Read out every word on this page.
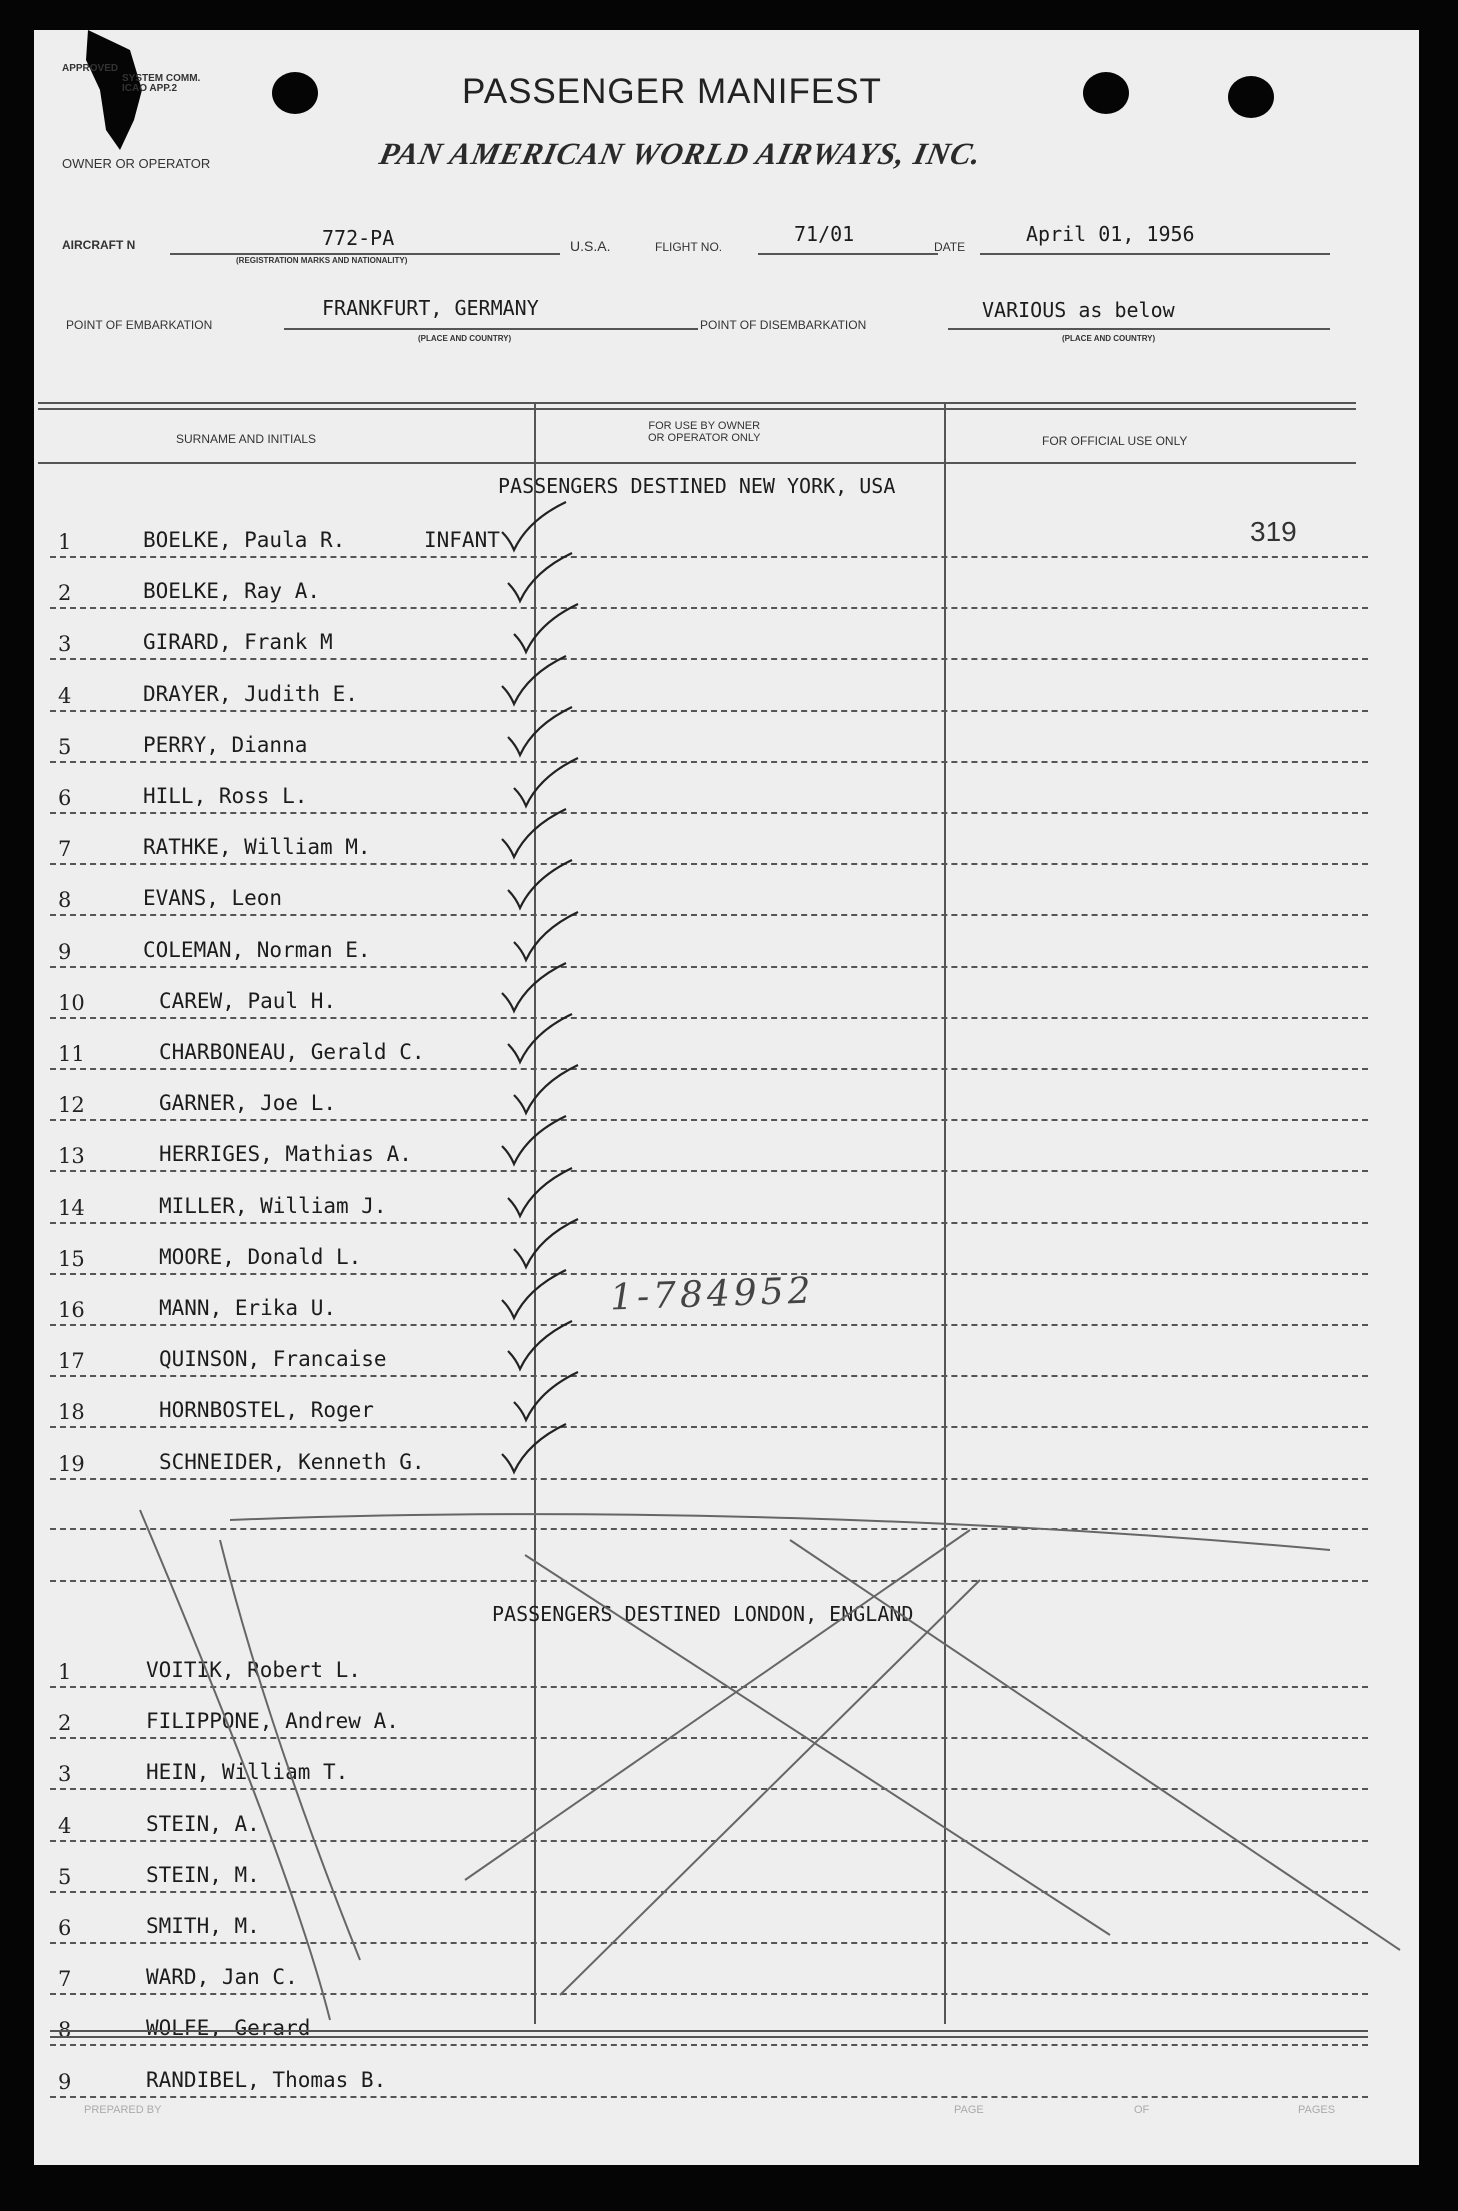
APPROVED
SYSTEM COMM.
ICAO APP.2
OWNER OR OPERATOR
PASSENGER MANIFEST
PAN AMERICAN WORLD AIRWAYS, INC.
AIRCRAFT N	772-PA
(REGISTRATION MARKS AND NATIONALITY)
U.S.A.	FLIGHT NO.
71/01
DATE
April 01, 1956
POINT OF EMBARKATION
FRANKFURT, GERMANY
(PLACE AND COUNTRY)
POINT OF DISEMBARKATION
VARIOUS as below
(PLACE AND COUNTRY)
SURNAME AND INITIALS
FOR USE BY OWNER
OR OPERATOR ONLY	FOR OFFICIAL USE ONLY
PASSENGERS DESTINED NEW YORK, USA
319
1	BOELKE, Paula R.	INFANT
2	BOELKE, Ray A.
3	GIRARD, Frank M
4	DRAYER, Judith E.
5	PERRY, Dianna
6	HILL, Ross L.
7	RATHKE, William M.
8	EVANS, Leon
9	COLEMAN, Norman E.
10	CAREW, Paul H.
11	CHARBONEAU, Gerald C.
12	GARNER, Joe L.
13	HERRIGES, Mathias A.
14	MILLER, William J.
15	MOORE, Donald L.
16	MANN, Erika U.
17	QUINSON, Francaise
18	HORNBOSTEL, Roger
19	SCHNEIDER, Kenneth G.
PASSENGERS DESTINED LONDON, ENGLAND
1	VOITIK, Robert L.
2	FILIPPONE, Andrew A.
3	HEIN, William T.
4	STEIN, A.
5	STEIN, M.
6	SMITH, M.
7	WARD, Jan C.
8	WOLFE, Gerard
9	RANDIBEL, Thomas B.
1-784952
PREPARED BY	PAGE	OF	PAGES
